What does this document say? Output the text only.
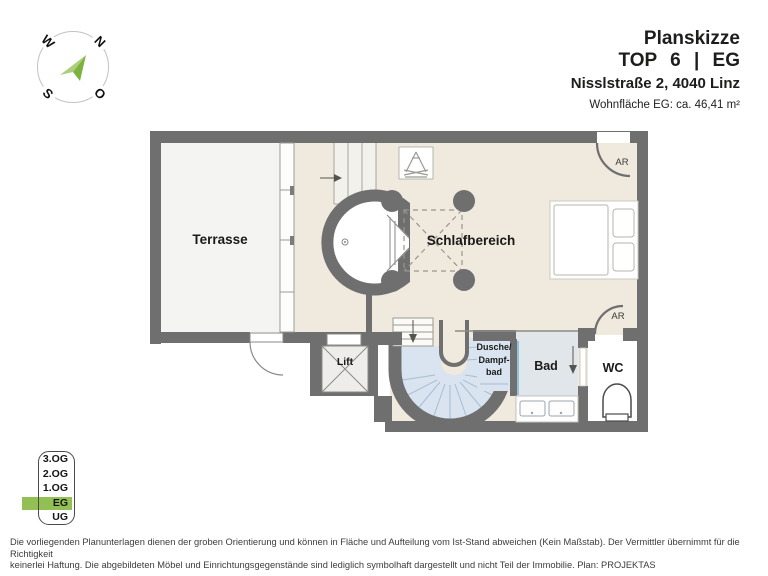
W	N
S	O
Planskizze
TOP 6 | EG
Nisslstraße 2, 4040 Linz
Wohnfläche EG: ca. 46,41 m²
Terrasse	Schlafbereich
Lift
Dusche/
Dampf-
bad	Bad	WC
AR
AR
3.OG
2.OG
1.OG
EG
UG
Die vorliegenden Planunterlagen dienen der groben Orientierung und können in Fläche und Aufteilung vom Ist-Stand abweichen (Kein Maßstab). Der Vermittler übernimmt für die Richtigkeit
keinerlei Haftung. Die abgebildeten Möbel und Einrichtungsgegenstände sind lediglich symbolhaft dargestellt und nicht Teil der Immobilie. Plan: PROJEKTAS
